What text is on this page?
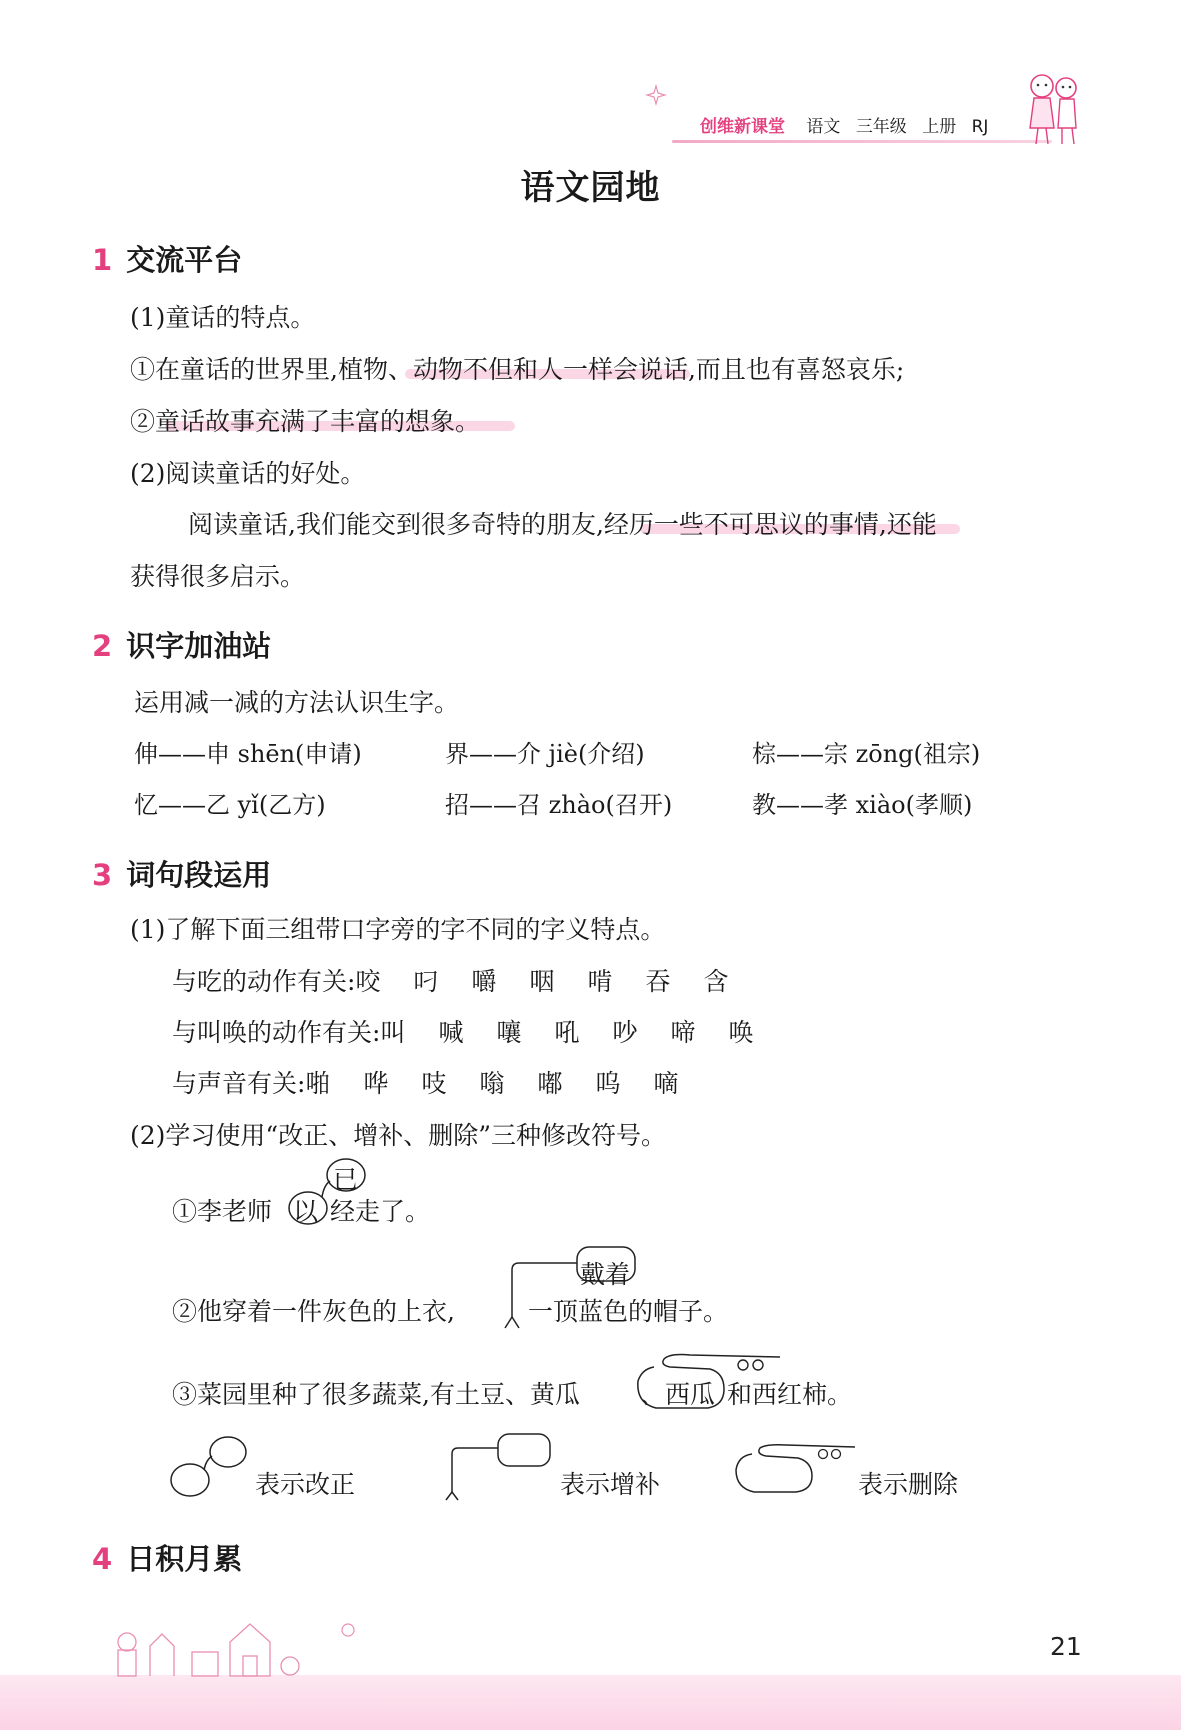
创维新课堂 语文 三年级 上册 RJ
语文园地
1 交流平台
(1)童话的特点。
①在童话的世界里,植物、动物不但和人一样会说话,而且也有喜怒哀乐;
②童话故事充满了丰富的想象。
(2)阅读童话的好处。
阅读童话,我们能交到很多奇特的朋友,经历一些不可思议的事情,还能
获得很多启示。
2 识字加油站
运用减一减的方法认识生字。
伸——申 shēn(申请)	界——介 jiè(介绍)	棕——宗 zōng(祖宗)
忆——乙 yǐ(乙方)	招——召 zhào(召开)	教——孝 xiào(孝顺)
3 词句段运用
(1)了解下面三组带口字旁的字不同的字义特点。
与吃的动作有关:咬 叼 嚼 咽 啃 吞 含
与叫唤的动作有关:叫 喊 嚷 吼 吵 啼 唤
与声音有关:啪 哗 吱 嗡 嘟 呜 嘀
(2)学习使用“改正、增补、删除”三种修改符号。
①李老师 以 经走了。
已
②他穿着一件灰色的上衣,	一顶蓝色的帽子。
戴着
③菜园里种了很多蔬菜,有土豆、黄瓜 、西瓜 和西红柿。
表示改正	表示增补	表示删除
4 日积月累
21
